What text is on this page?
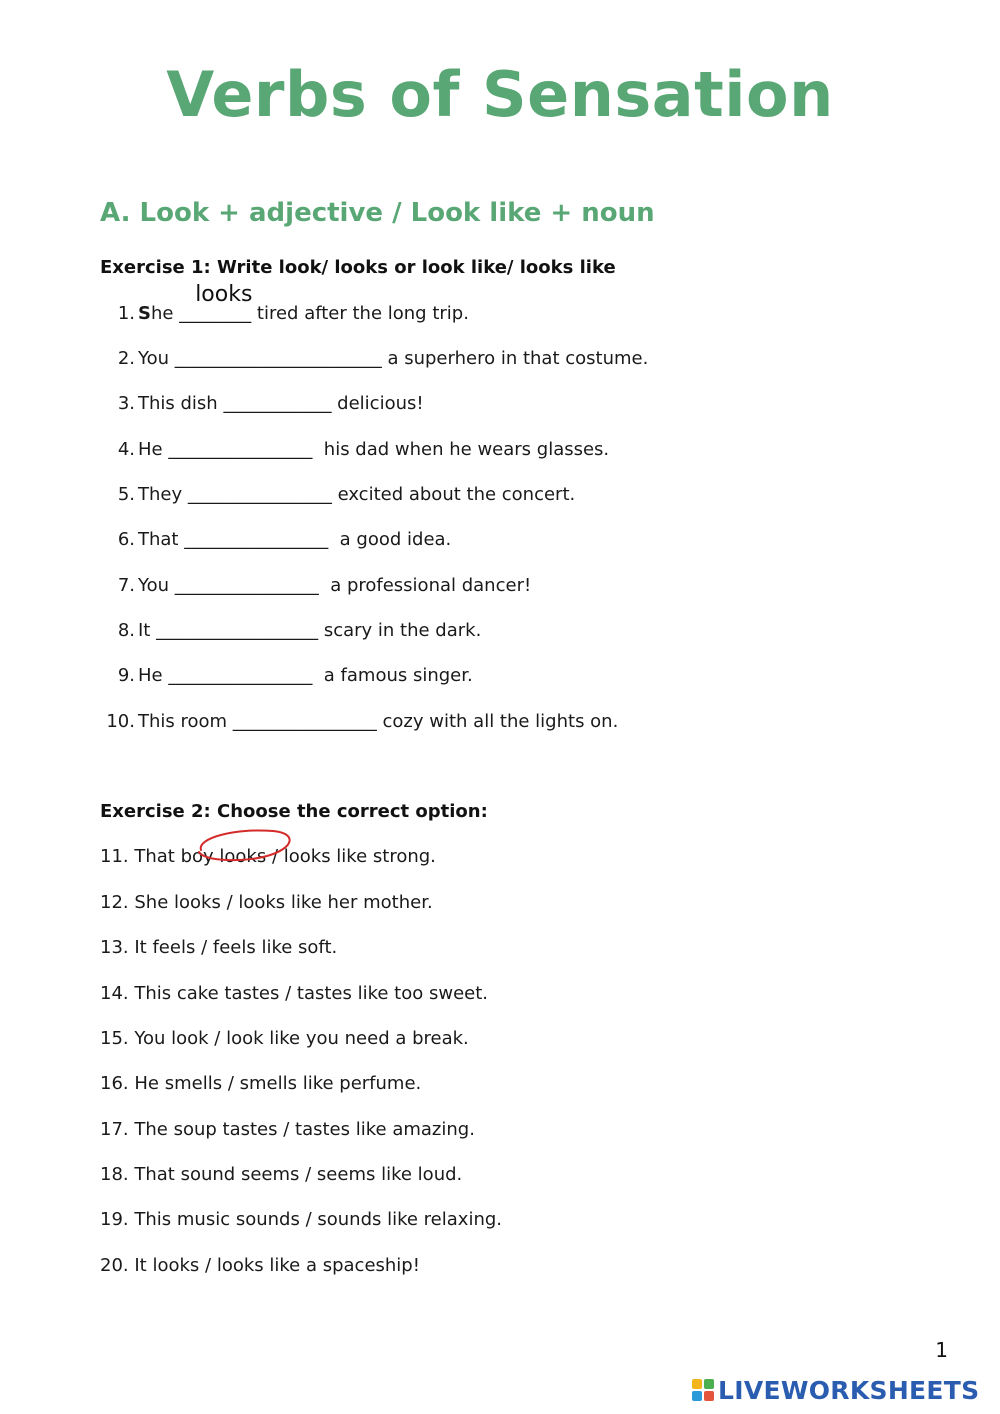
Verbs of Sensation
A. Look + adjective / Look like + noun

Exercise 1: Write look/ looks or look like/ looks like

1. She ________
looks
tired after the long trip.
2. You _______________________ a superhero in that costume.
3. This dish ____________ delicious!
4. He ________________  his dad when he wears glasses.
5. They ________________ excited about the concert.
6. That ________________  a good idea.
7. You ________________  a professional dancer!
8. It __________________ scary in the dark.
9. He ________________  a famous singer.
10. This room ________________ cozy with all the lights on.

Exercise 2: Choose the correct option:

11. That boy looks / looks like strong.
12. She looks / looks like her mother.
13. It feels / feels like soft.
14. This cake tastes / tastes like too sweet.
15. You look / look like you need a break.
16. He smells / smells like perfume.
17. The soup tastes / tastes like amazing.
18. That sound seems / seems like loud.
19. This music sounds / sounds like relaxing.
20. It looks / looks like a spaceship!
1
LIVEWORKSHEETS
